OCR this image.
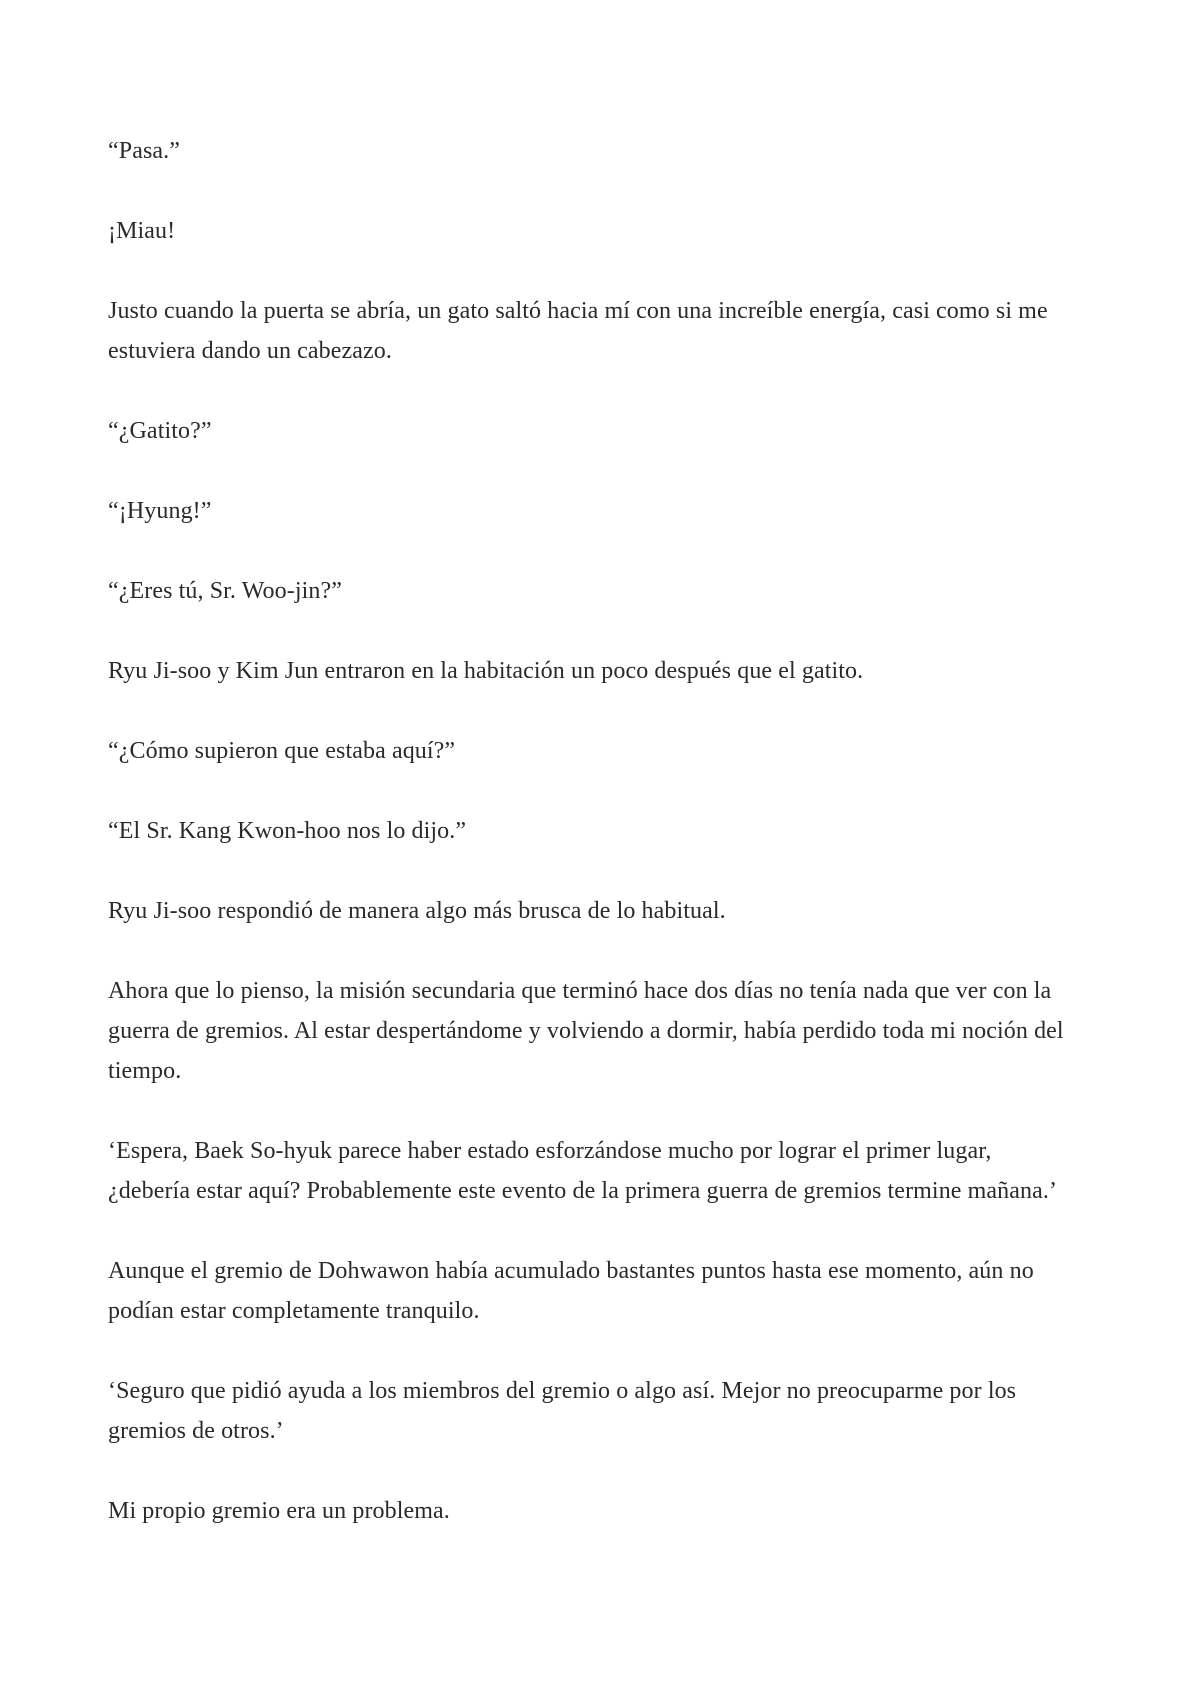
“Pasa.”

¡Miau!

Justo cuando la puerta se abría, un gato saltó hacia mí con una increíble energía, casi como si me estuviera dando un cabezazo.

“¿Gatito?”

“¡Hyung!”

“¿Eres tú, Sr. Woo-jin?”

Ryu Ji-soo y Kim Jun entraron en la habitación un poco después que el gatito.

“¿Cómo supieron que estaba aquí?”

“El Sr. Kang Kwon-hoo nos lo dijo.”

Ryu Ji-soo respondió de manera algo más brusca de lo habitual.

Ahora que lo pienso, la misión secundaria que terminó hace dos días no tenía nada que ver con la guerra de gremios. Al estar despertándome y volviendo a dormir, había perdido toda mi noción del tiempo.

‘Espera, Baek So-hyuk parece haber estado esforzándose mucho por lograr el primer lugar, ¿debería estar aquí? Probablemente este evento de la primera guerra de gremios termine mañana.’

Aunque el gremio de Dohwawon había acumulado bastantes puntos hasta ese momento, aún no podían estar completamente tranquilo.

‘Seguro que pidió ayuda a los miembros del gremio o algo así. Mejor no preocuparme por los gremios de otros.’

Mi propio gremio era un problema.
